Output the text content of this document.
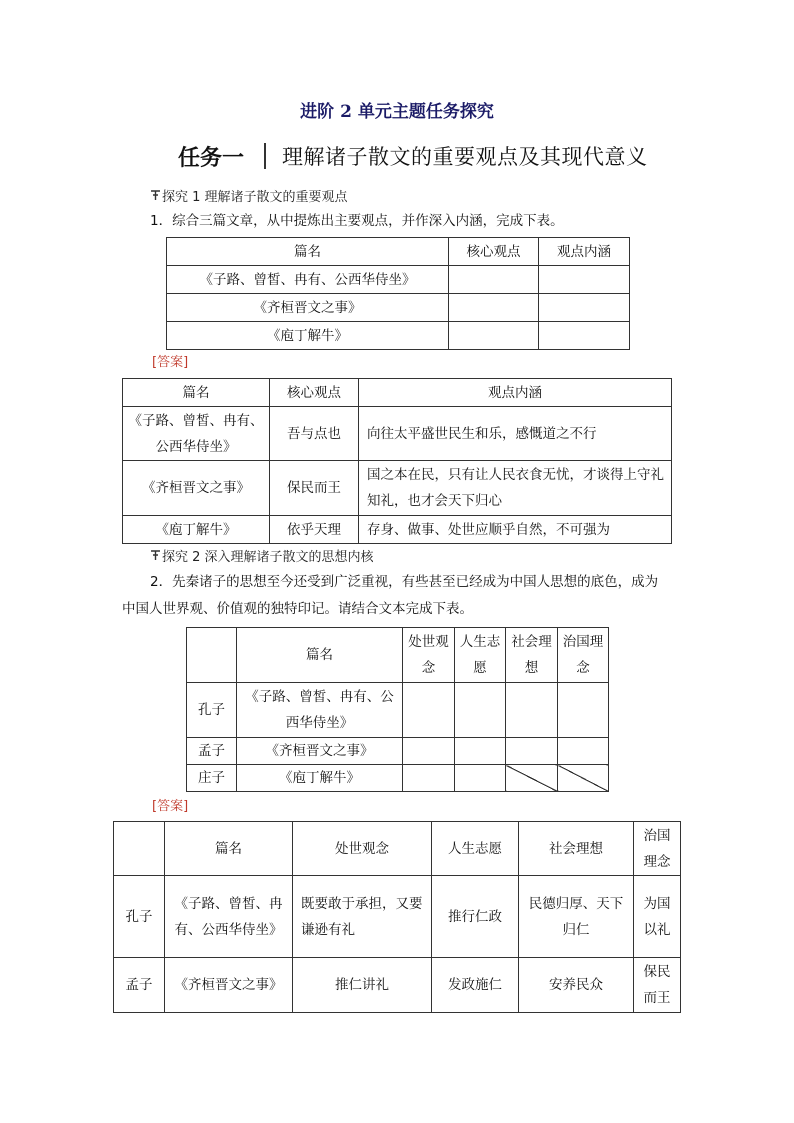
进阶 2 单元主题任务探究
任务一 理解诸子散文的重要观点及其现代意义
探究 1 理解诸子散文的重要观点
1．综合三篇文章，从中提炼出主要观点，并作深入内涵，完成下表。
篇名	核心观点	观点内涵
《子路、曾皙、冉有、公西华侍坐》		
《齐桓晋文之事》		
《庖丁解牛》		
[答案]
篇名	核心观点	观点内涵
《子路、曾皙、冉有、公西华侍坐》	吾与点也	向往太平盛世民生和乐，感慨道之不行
《齐桓晋文之事》	保民而王	国之本在民，只有让人民衣食无忧，才谈得上守礼知礼，也才会天下归心
《庖丁解牛》	依乎天理	存身、做事、处世应顺乎自然，不可强为
探究 2 深入理解诸子散文的思想内核
2．先秦诸子的思想至今还受到广泛重视，有些甚至已经成为中国人思想的底色，成为
中国人世界观、价值观的独特印记。请结合文本完成下表。
	篇名	处世观念	人生志愿	社会理想	治国理念
孔子	《子路、曾皙、冉有、公西华侍坐》				
孟子	《齐桓晋文之事》				
庄子	《庖丁解牛》				
[答案]
	篇名	处世观念	人生志愿	社会理想	治国理念
孔子	《子路、曾皙、冉有、公西华侍坐》	既要敢于承担，又要谦逊有礼	推行仁政	民德归厚、天下归仁	为国以礼
孟子	《齐桓晋文之事》	推仁讲礼	发政施仁	安养民众	保民而王
